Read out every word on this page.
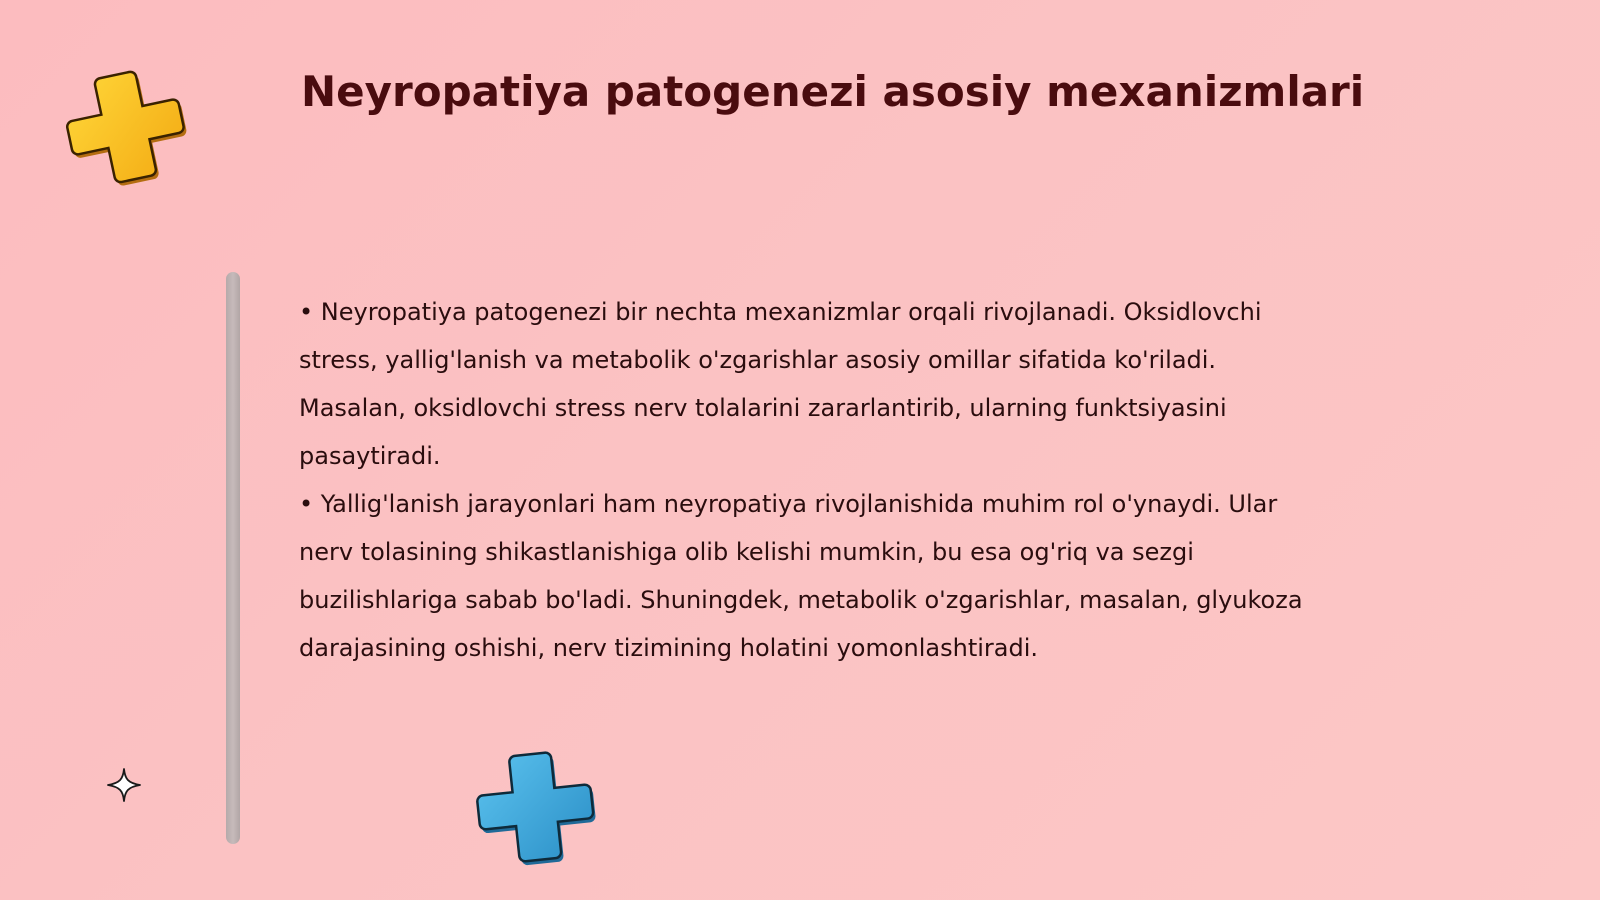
Neyropatiya patogenezi asosiy mexanizmlari

• Neyropatiya patogenezi bir nechta mexanizmlar orqali rivojlanadi. Oksidlovchi stress, yallig'lanish va metabolik o'zgarishlar asosiy omillar sifatida ko'riladi. Masalan, oksidlovchi stress nerv tolalarini zararlantirib, ularning funktsiyasini pasaytiradi.

• Yallig'lanish jarayonlari ham neyropatiya rivojlanishida muhim rol o'ynaydi. Ular nerv tolasining shikastlanishiga olib kelishi mumkin, bu esa og'riq va sezgi buzilishlariga sabab bo'ladi. Shuningdek, metabolik o'zgarishlar, masalan, glyukoza darajasining oshishi, nerv tizimining holatini yomonlashtiradi.
